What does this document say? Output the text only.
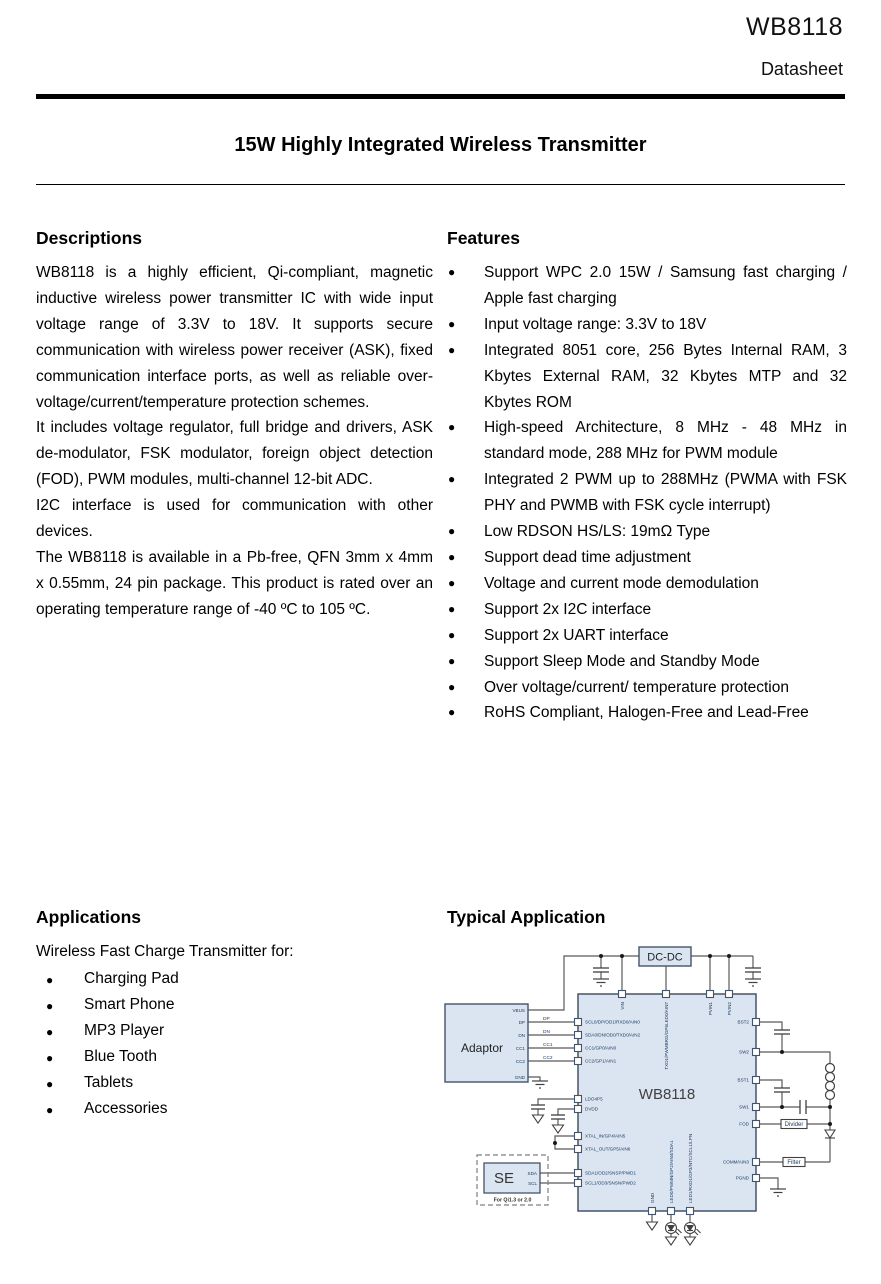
WB8118
Datasheet
15W Highly Integrated Wireless Transmitter
Descriptions

WB8118 is a highly efficient, Qi-compliant, magnetic inductive wireless power transmitter IC with wide input voltage range of 3.3V to 18V. It supports secure communication with wireless power receiver (ASK), fixed communication interface ports, as well as reliable over-voltage/current/temperature protection schemes.

It includes voltage regulator, full bridge and drivers, ASK de-modulator, FSK modulator, foreign object detection (FOD), PWM modules, multi-channel 12-bit ADC.

I2C interface is used for communication with other devices.

The WB8118 is available in a Pb-free, QFN 3mm x 4mm x 0.55mm, 24 pin package. This product is rated over an operating temperature range of -40 ºC to 105 ºC.

Features
● Support WPC 2.0 15W / Samsung fast charging / Apple fast charging
● Input voltage range: 3.3V to 18V
● Integrated 8051 core, 256 Bytes Internal RAM, 3 Kbytes External RAM, 32 Kbytes MTP and 32 Kbytes ROM
● High-speed Architecture, 8 MHz - 48 MHz in standard mode, 288 MHz for PWM module
● Integrated 2 PWM up to 288MHz (PWMA with FSK PHY and PWMB with FSK cycle interrupt)
● Low RDSON HS/LS: 19mΩ Type
● Support dead time adjustment
● Voltage and current mode demodulation
● Support 2x I2C interface
● Support 2x UART interface
● Support Sleep Mode and Standby Mode
● Over voltage/current/ temperature protection
● RoHS Compliant, Halogen-Free and Lead-Free
Applications

Wireless Fast Charge Transmitter for:

● Charging Pad
● Smart Phone
● MP3 Player
● Blue Tooth
● Tablets
● Accessories
Typical Application
Adaptor
VBUS
DP
DN
CC1
CC2
GND
DP
DN
CC1
CC2
DC-DC
WB8118
SCL0/DP/OD1/RXD0/AIN0
SDA0/DN/OD0/TXD0/AIN2
CC1/GP0/AIN0
CC2/GP1/AIN1
LDO4P5
DVDD
XTAL_IN/GP4/AIN5
XTAL_OUT/GP5/AIN6
SDA1/OD2/SNSP/PWD1
SCL1/OD3/SNSN/PWD2
BST2
SW2
BST1
SW1
FOD
COMM/AIN3
PGND
VIN	TXD1/PWMBRG/GP6LED0/AIN7	PVIN1	PVIN2
GND	LED0/PWMN/GP2/AIN4/SDA1	LED1/RXD1/GP3/NTC/SCL1/LPN
Divider
Filter
SE	SDA
SCL
For Qi1.3 or 2.0
